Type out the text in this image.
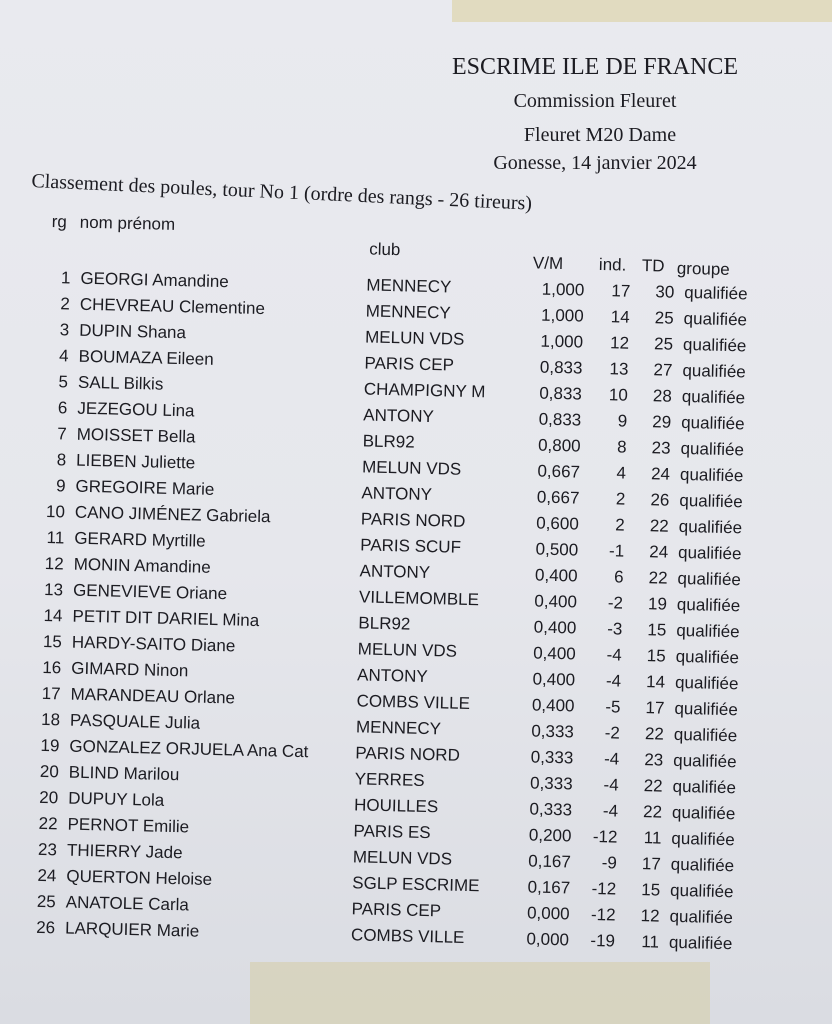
ESCRIME ILE DE FRANCE
Commission Fleuret
Fleuret M20 Dame
Gonesse, 14 janvier 2024
Classement des poules, tour No 1 (ordre des rangs - 26 tireurs)
rg nom prénom
club
V/M ind. TD groupe
1 GEORGI Amandine	MENNECY	1,000	17	30 qualifiée
2 CHEVREAU Clementine	MENNECY	1,000	14	25 qualifiée
3 DUPIN Shana	MELUN VDS	1,000	12	25 qualifiée
4 BOUMAZA Eileen	PARIS CEP	0,833	13	27 qualifiée
5 SALL Bilkis	CHAMPIGNY M	0,833	10	28 qualifiée
6 JEZEGOU Lina	ANTONY	0,833	9	29 qualifiée
7 MOISSET Bella	BLR92	0,800	8	23 qualifiée
8 LIEBEN Juliette	MELUN VDS	0,667	4	24 qualifiée
9 GREGOIRE Marie	ANTONY	0,667	2	26 qualifiée
10 CANO JIMÉNEZ Gabriela	PARIS NORD	0,600	2	22 qualifiée
11 GERARD Myrtille	PARIS SCUF	0,500	-1	24 qualifiée
12 MONIN Amandine	ANTONY	0,400	6	22 qualifiée
13 GENEVIEVE Oriane	VILLEMOMBLE	0,400	-2	19 qualifiée
14 PETIT DIT DARIEL Mina	BLR92	0,400	-3	15 qualifiée
15 HARDY-SAITO Diane	MELUN VDS	0,400	-4	15 qualifiée
16 GIMARD Ninon	ANTONY	0,400	-4	14 qualifiée
17 MARANDEAU Orlane	COMBS VILLE	0,400	-5	17 qualifiée
18 PASQUALE Julia	MENNECY	0,333	-2	22 qualifiée
19 GONZALEZ ORJUELA Ana Cat	PARIS NORD	0,333	-4	23 qualifiée
20 BLIND Marilou	YERRES	0,333	-4	22 qualifiée
20 DUPUY Lola	HOUILLES	0,333	-4	22 qualifiée
22 PERNOT Emilie	PARIS ES	0,200	-12	11 qualifiée
23 THIERRY Jade	MELUN VDS	0,167	-9	17 qualifiée
24 QUERTON Heloise	SGLP ESCRIME	0,167	-12	15 qualifiée
25 ANATOLE Carla	PARIS CEP	0,000	-12	12 qualifiée
26 LARQUIER Marie	COMBS VILLE	0,000	-19	11 qualifiée
